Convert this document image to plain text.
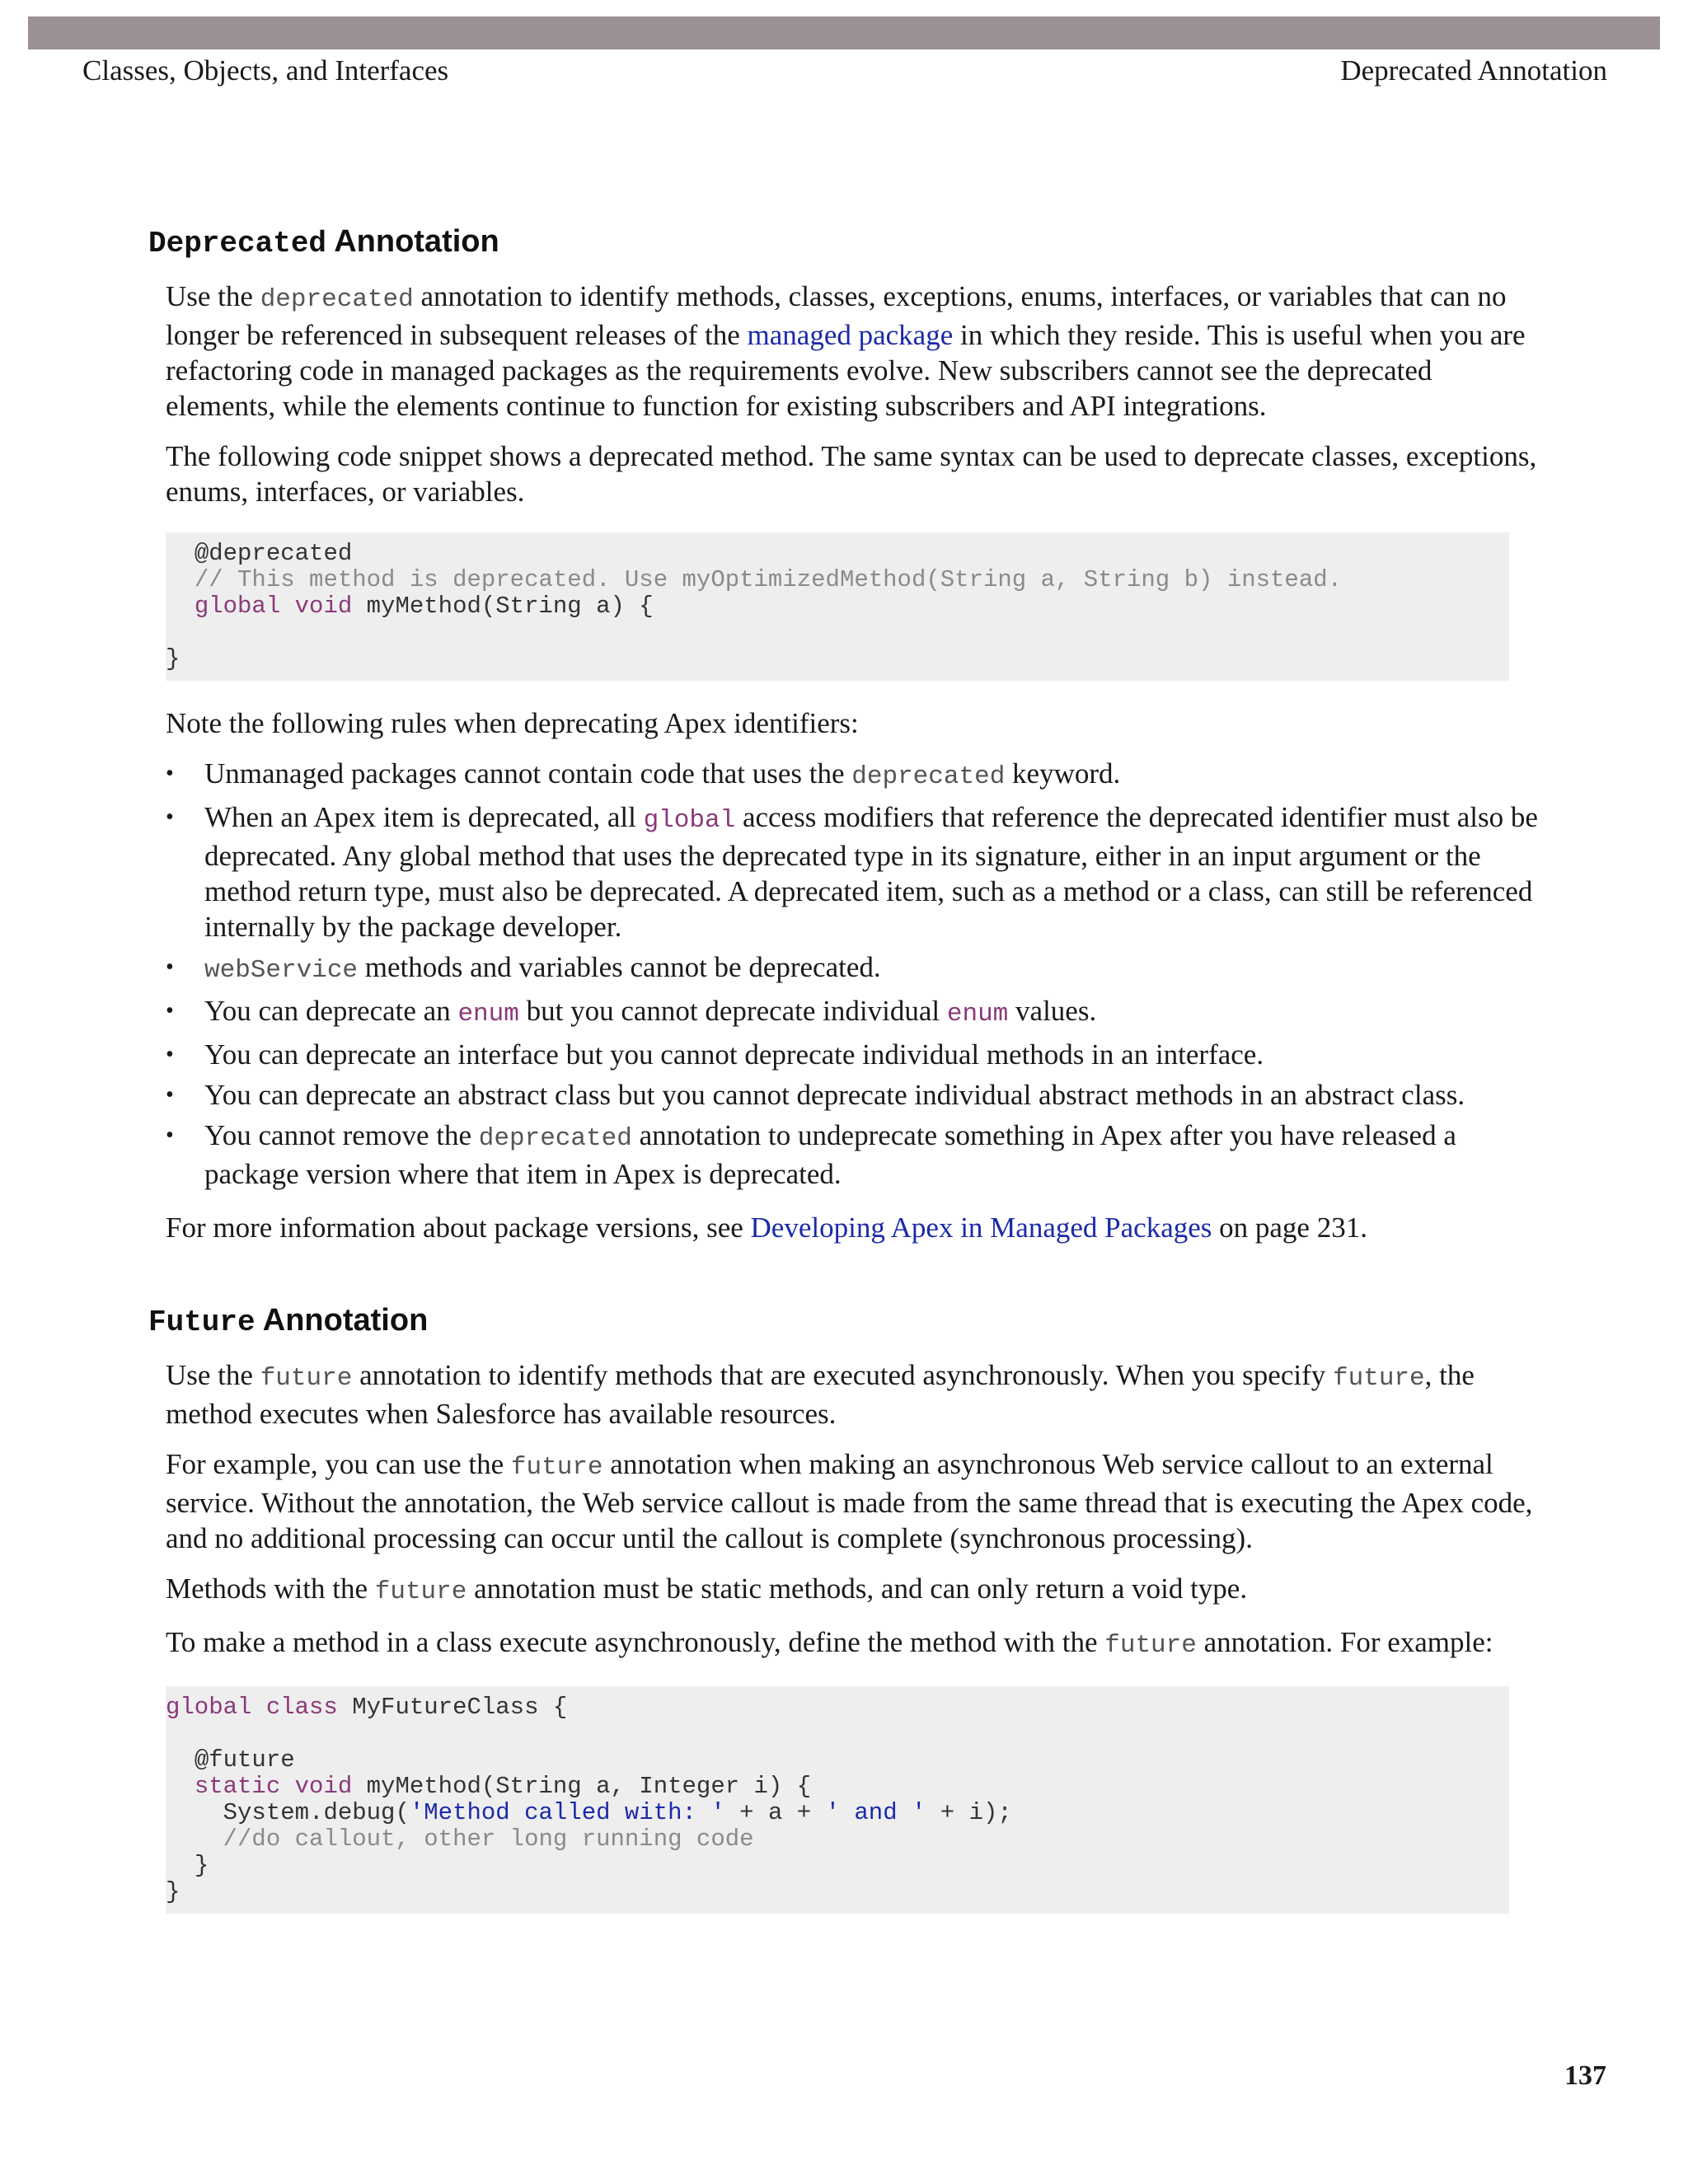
Classes, Objects, and Interfaces	Deprecated Annotation
Deprecated Annotation

Use the deprecated annotation to identify methods, classes, exceptions, enums, interfaces, or variables that can no longer be referenced in subsequent releases of the managed package in which they reside. This is useful when you are refactoring code in managed packages as the requirements evolve. New subscribers cannot see the deprecated elements, while the elements continue to function for existing subscribers and API integrations.

The following code snippet shows a deprecated method. The same syntax can be used to deprecate classes, exceptions, enums, interfaces, or variables.

@deprecated
// This method is deprecated. Use myOptimizedMethod(String a, String b) instead.
global void myMethod(String a) {

}

Note the following rules when deprecating Apex identifiers:

• Unmanaged packages cannot contain code that uses the deprecated keyword.
• When an Apex item is deprecated, all global access modifiers that reference the deprecated identifier must also be deprecated. Any global method that uses the deprecated type in its signature, either in an input argument or the method return type, must also be deprecated. A deprecated item, such as a method or a class, can still be referenced internally by the package developer.
• webService methods and variables cannot be deprecated.
• You can deprecate an enum but you cannot deprecate individual enum values.
• You can deprecate an interface but you cannot deprecate individual methods in an interface.
• You can deprecate an abstract class but you cannot deprecate individual abstract methods in an abstract class.
• You cannot remove the deprecated annotation to undeprecate something in Apex after you have released a package version where that item in Apex is deprecated.

For more information about package versions, see Developing Apex in Managed Packages on page 231.

Future Annotation

Use the future annotation to identify methods that are executed asynchronously. When you specify future, the method executes when Salesforce has available resources.

For example, you can use the future annotation when making an asynchronous Web service callout to an external service. Without the annotation, the Web service callout is made from the same thread that is executing the Apex code, and no additional processing can occur until the callout is complete (synchronous processing).

Methods with the future annotation must be static methods, and can only return a void type.

To make a method in a class execute asynchronously, define the method with the future annotation. For example:

global class MyFutureClass {

@future
static void myMethod(String a, Integer i) {
System.debug('Method called with: ' + a + ' and ' + i);
//do callout, other long running code
}
}
137
